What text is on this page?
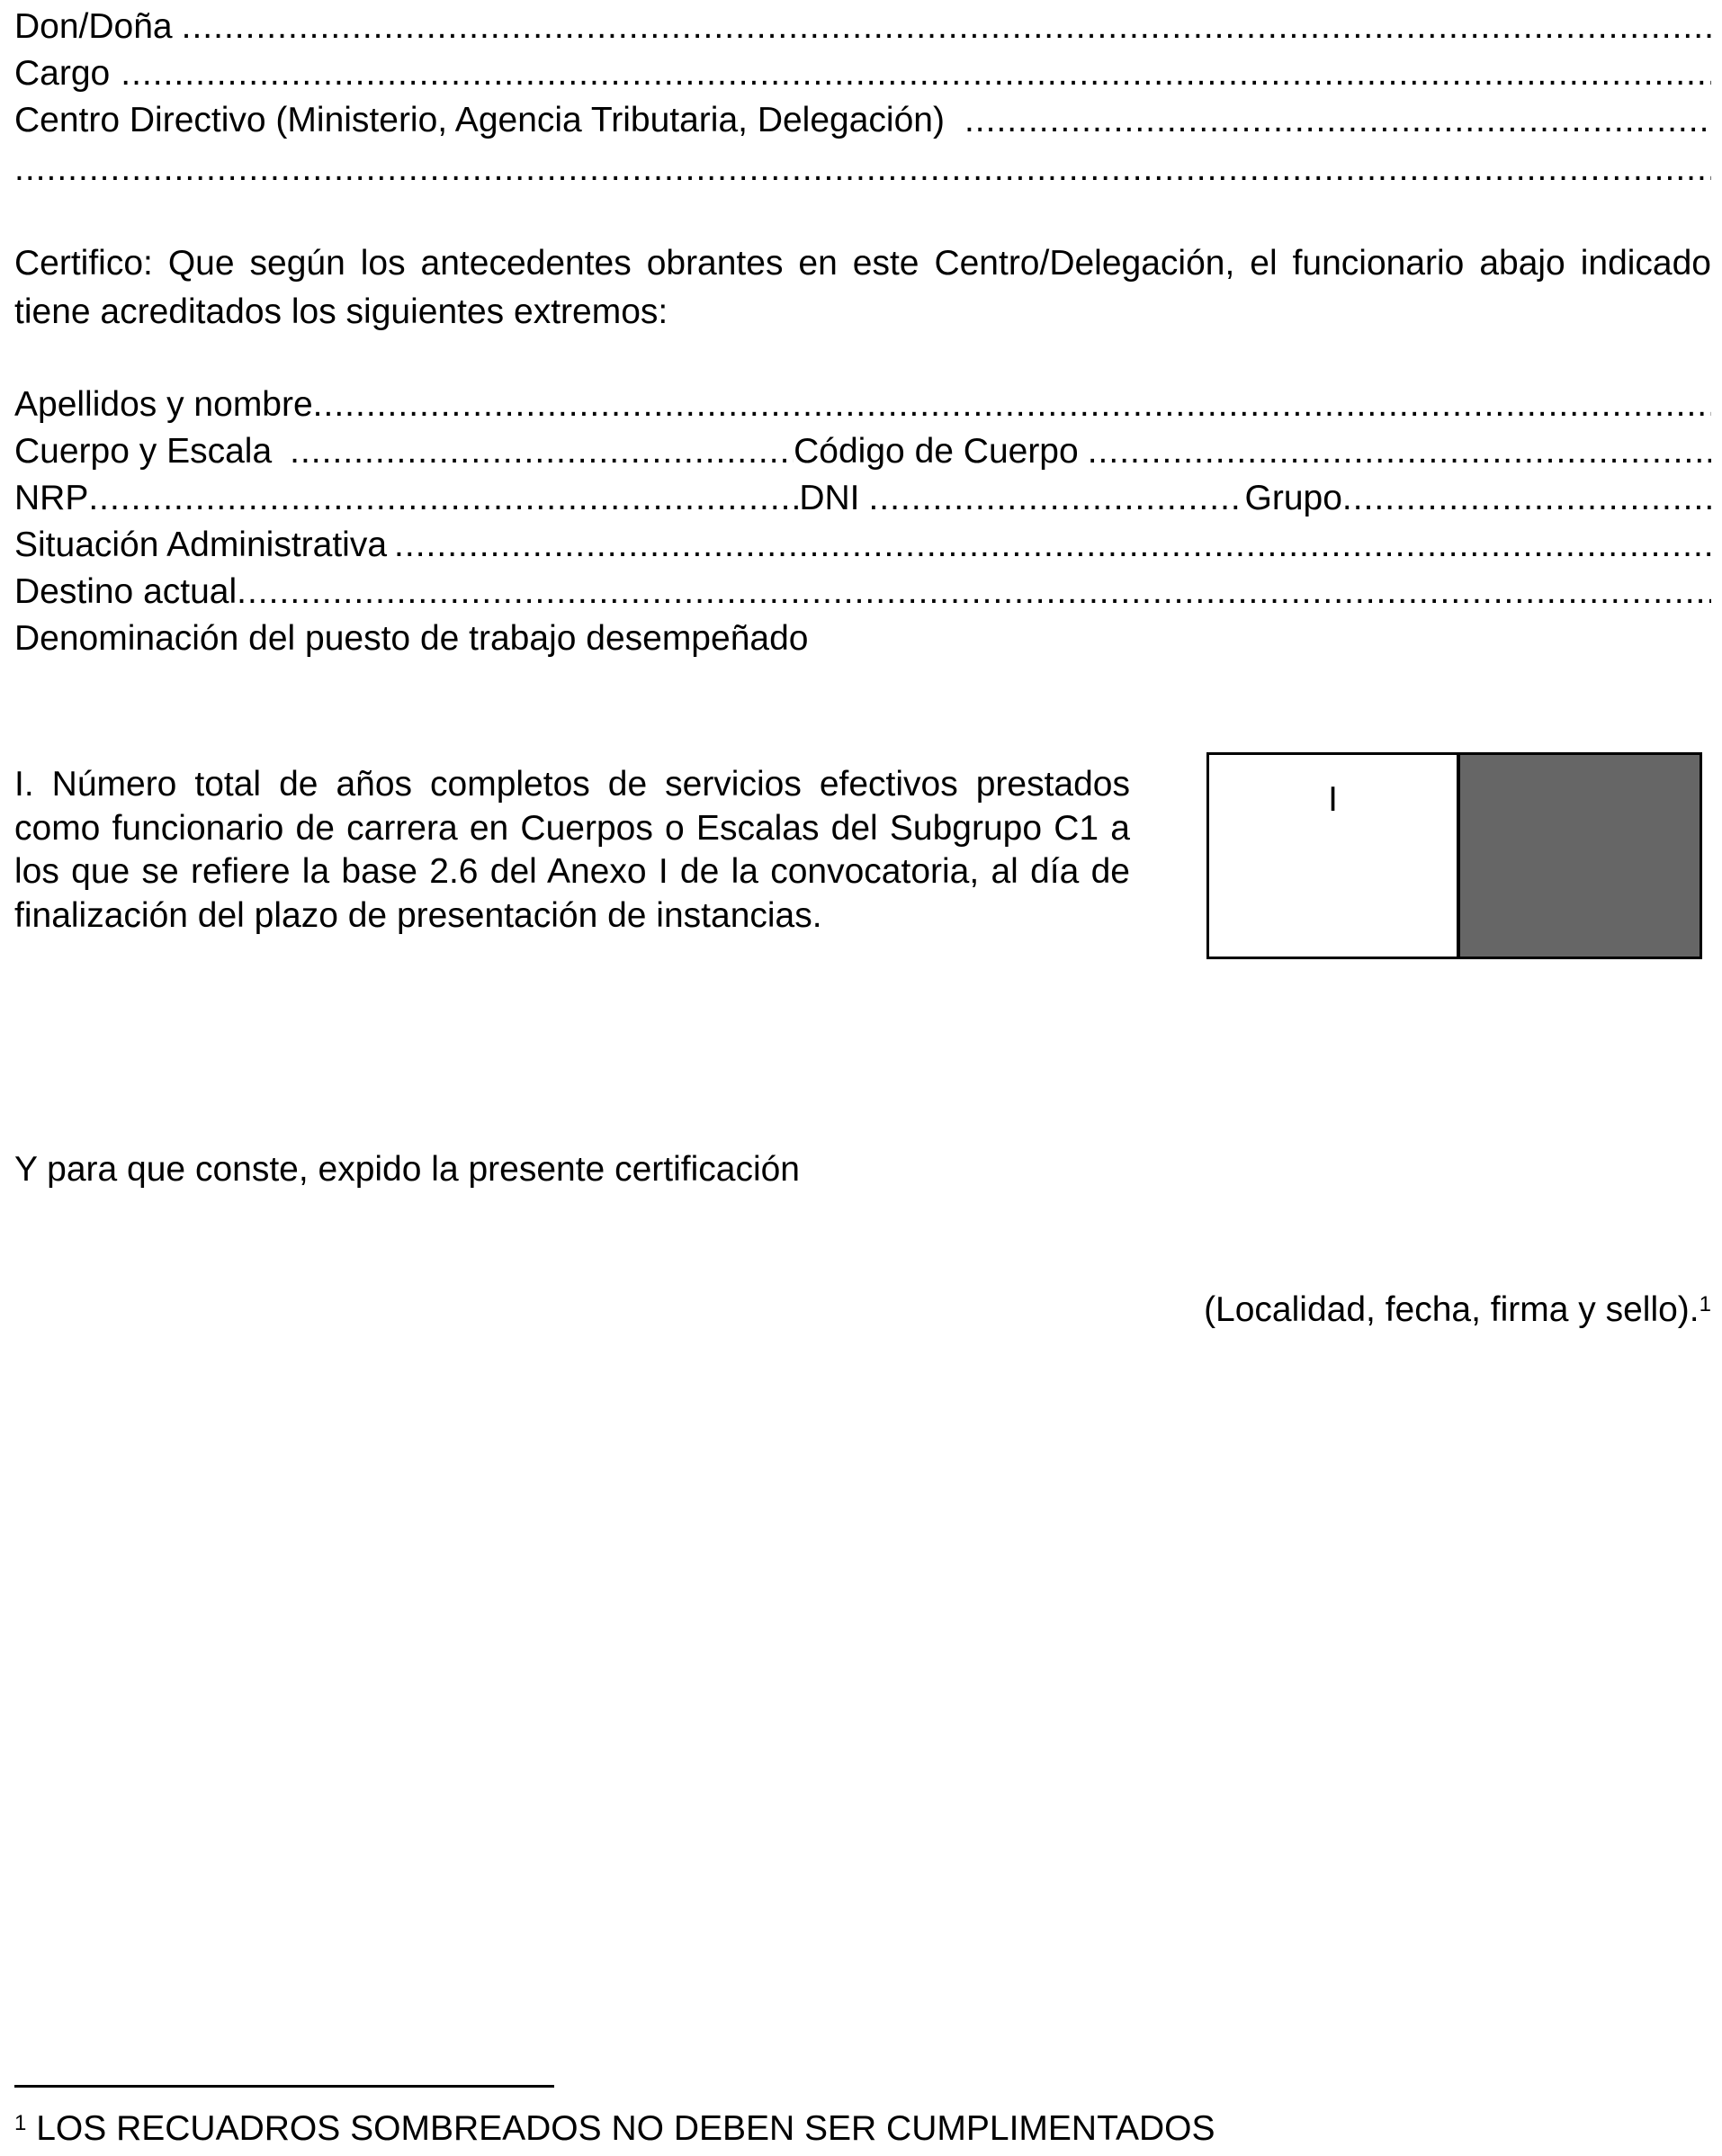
Don/Doña
.....
Cargo
.....
Centro Directivo (Ministerio, Agencia Tributaria, Delegación)
.....
.....
Certifico: Que según los antecedentes obrantes en este Centro/Delegación, el funcionario abajo indicado tiene acreditados los siguientes extremos:
Apellidos y nombre
.....
Cuerpo y Escala .....	Código de Cuerpo
.....
NRP .....	DNI .....	Grupo
.....
Situación Administrativa
.....
Destino actual
.....
Denominación del puesto de trabajo desempeñado
I. Número total de años completos de servicios efectivos prestados como funcionario de carrera en Cuerpos o Escalas del Subgrupo C1 a los que se refiere la base 2.6 del Anexo I de la convocatoria, al día de finalización del plazo de presentación de instancias.
I
Y para que conste, expido la presente certificación
(Localidad, fecha, firma y sello).$^1$
$^1$ LOS RECUADROS SOMBREADOS NO DEBEN SER CUMPLIMENTADOS
